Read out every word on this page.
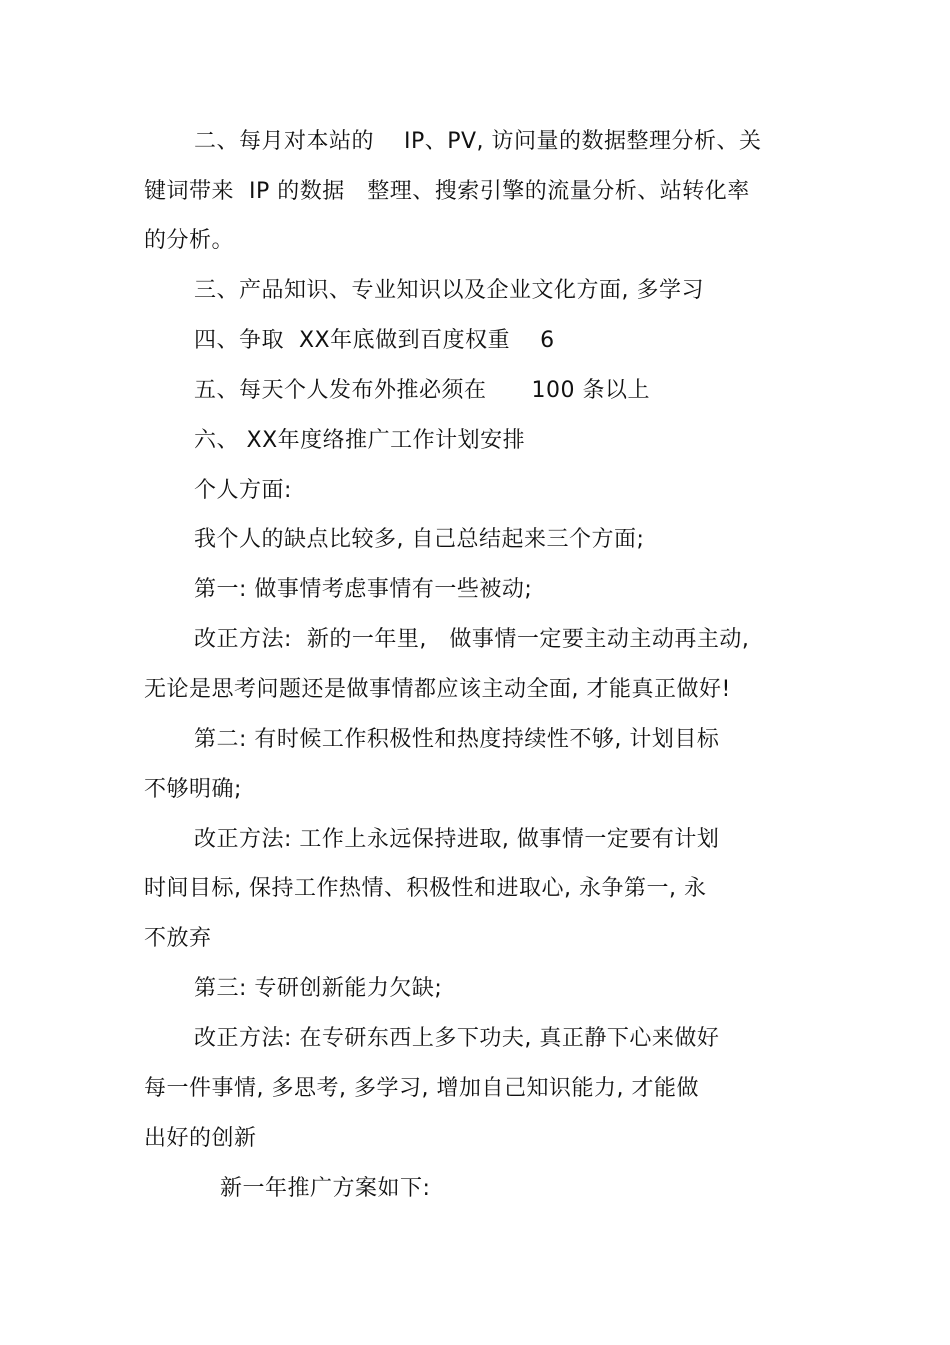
二、每月对本站的    IP、PV, 访问量的数据整理分析、关
键词带来  IP 的数据   整理、搜索引擎的流量分析、站转化率
的分析。
三、产品知识、专业知识以及企业文化方面, 多学习
四、争取  XX年底做到百度权重    6
五、每天个人发布外推必须在      100 条以上
六、 XX年度络推广工作计划安排
个人方面:
我个人的缺点比较多, 自己总结起来三个方面;
第一: 做事情考虑事情有一些被动;
改正方法:  新的一年里,   做事情一定要主动主动再主动,
无论是思考问题还是做事情都应该主动全面, 才能真正做好!
第二: 有时候工作积极性和热度持续性不够, 计划目标
不够明确;
改正方法: 工作上永远保持进取, 做事情一定要有计划
时间目标, 保持工作热情、积极性和进取心, 永争第一, 永
不放弃
第三: 专研创新能力欠缺;
改正方法: 在专研东西上多下功夫, 真正静下心来做好
每一件事情, 多思考, 多学习, 增加自己知识能力, 才能做
出好的创新
新一年推广方案如下:
